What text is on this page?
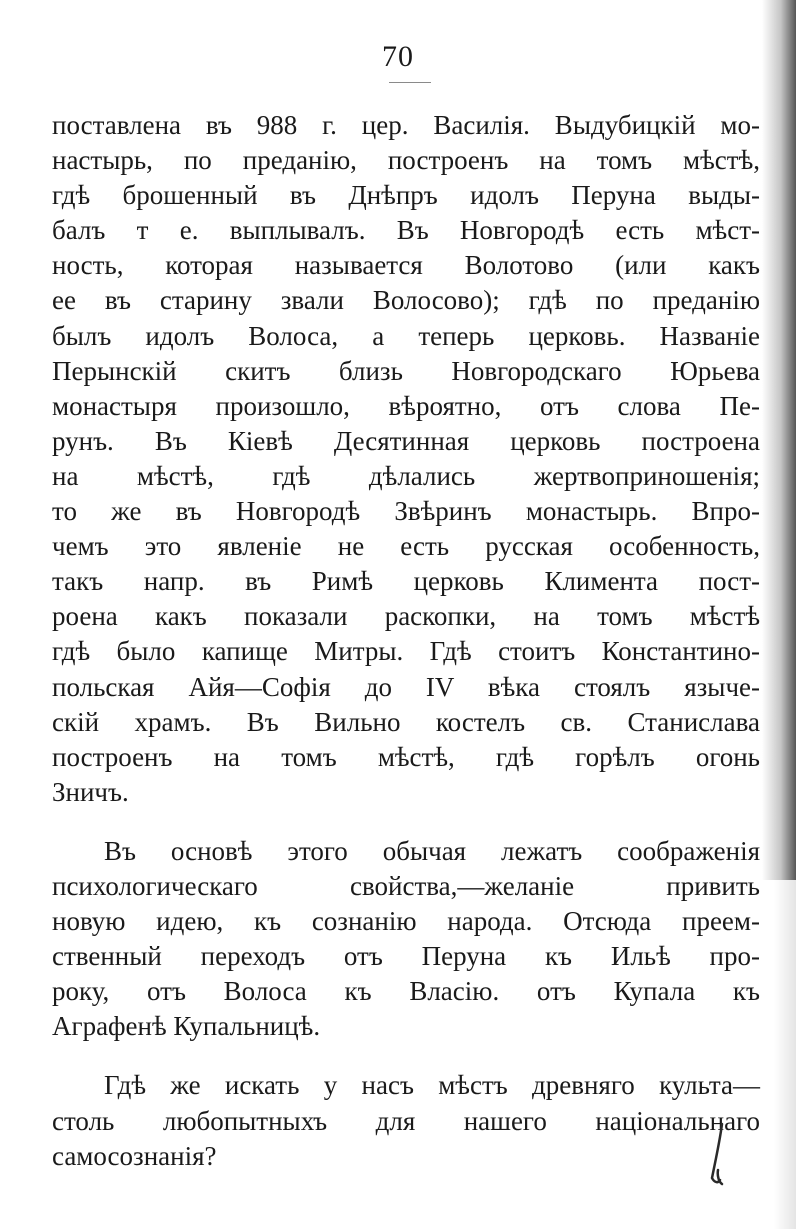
70
поставлена въ 988 г. цер. Василія. Выдубицкій мо-
настырь, по преданію, построенъ на томъ мѣстѣ,
гдѣ брошенный въ Днѣпръ идолъ Перуна выды-
балъ т е. выплывалъ. Въ Новгородѣ есть мѣст-
ность, которая называется Волотово (или какъ
ее въ старину звали Волосово); гдѣ по преданію
былъ идолъ Волоса, а теперь церковь. Названіе
Перынскій скитъ близь Новгородскаго Юрьева
монастыря произошло, вѣроятно, отъ слова Пе-
рунъ. Въ Кіевѣ Десятинная церковь построена
на мѣстѣ, гдѣ дѣлались жертвоприношенія;
то же въ Новгородѣ Звѣринъ монастырь. Впро-
чемъ это явленіе не есть русская особенность,
такъ напр. въ Римѣ церковь Климента пост-
роена какъ показали раскопки, на томъ мѣстѣ
гдѣ было капище Митры. Гдѣ стоитъ Константино-
польская Айя—Софія до IV вѣка стоялъ языче-
скій храмъ. Въ Вильно костелъ св. Станислава
построенъ на томъ мѣстѣ, гдѣ горѣлъ огонь
Зничъ.
Въ основѣ этого обычая лежатъ соображенія
психологическаго свойства,—желаніе привить
новую идею, къ сознанію народа. Отсюда преем-
ственный переходъ отъ Перуна къ Ильѣ про-
року, отъ Волоса къ Власію. отъ Купала къ
Аграфенѣ Купальницѣ.
Гдѣ же искать у насъ мѣстъ древняго культа—
столь любопытныхъ для нашего національнаго
самосознанія?
